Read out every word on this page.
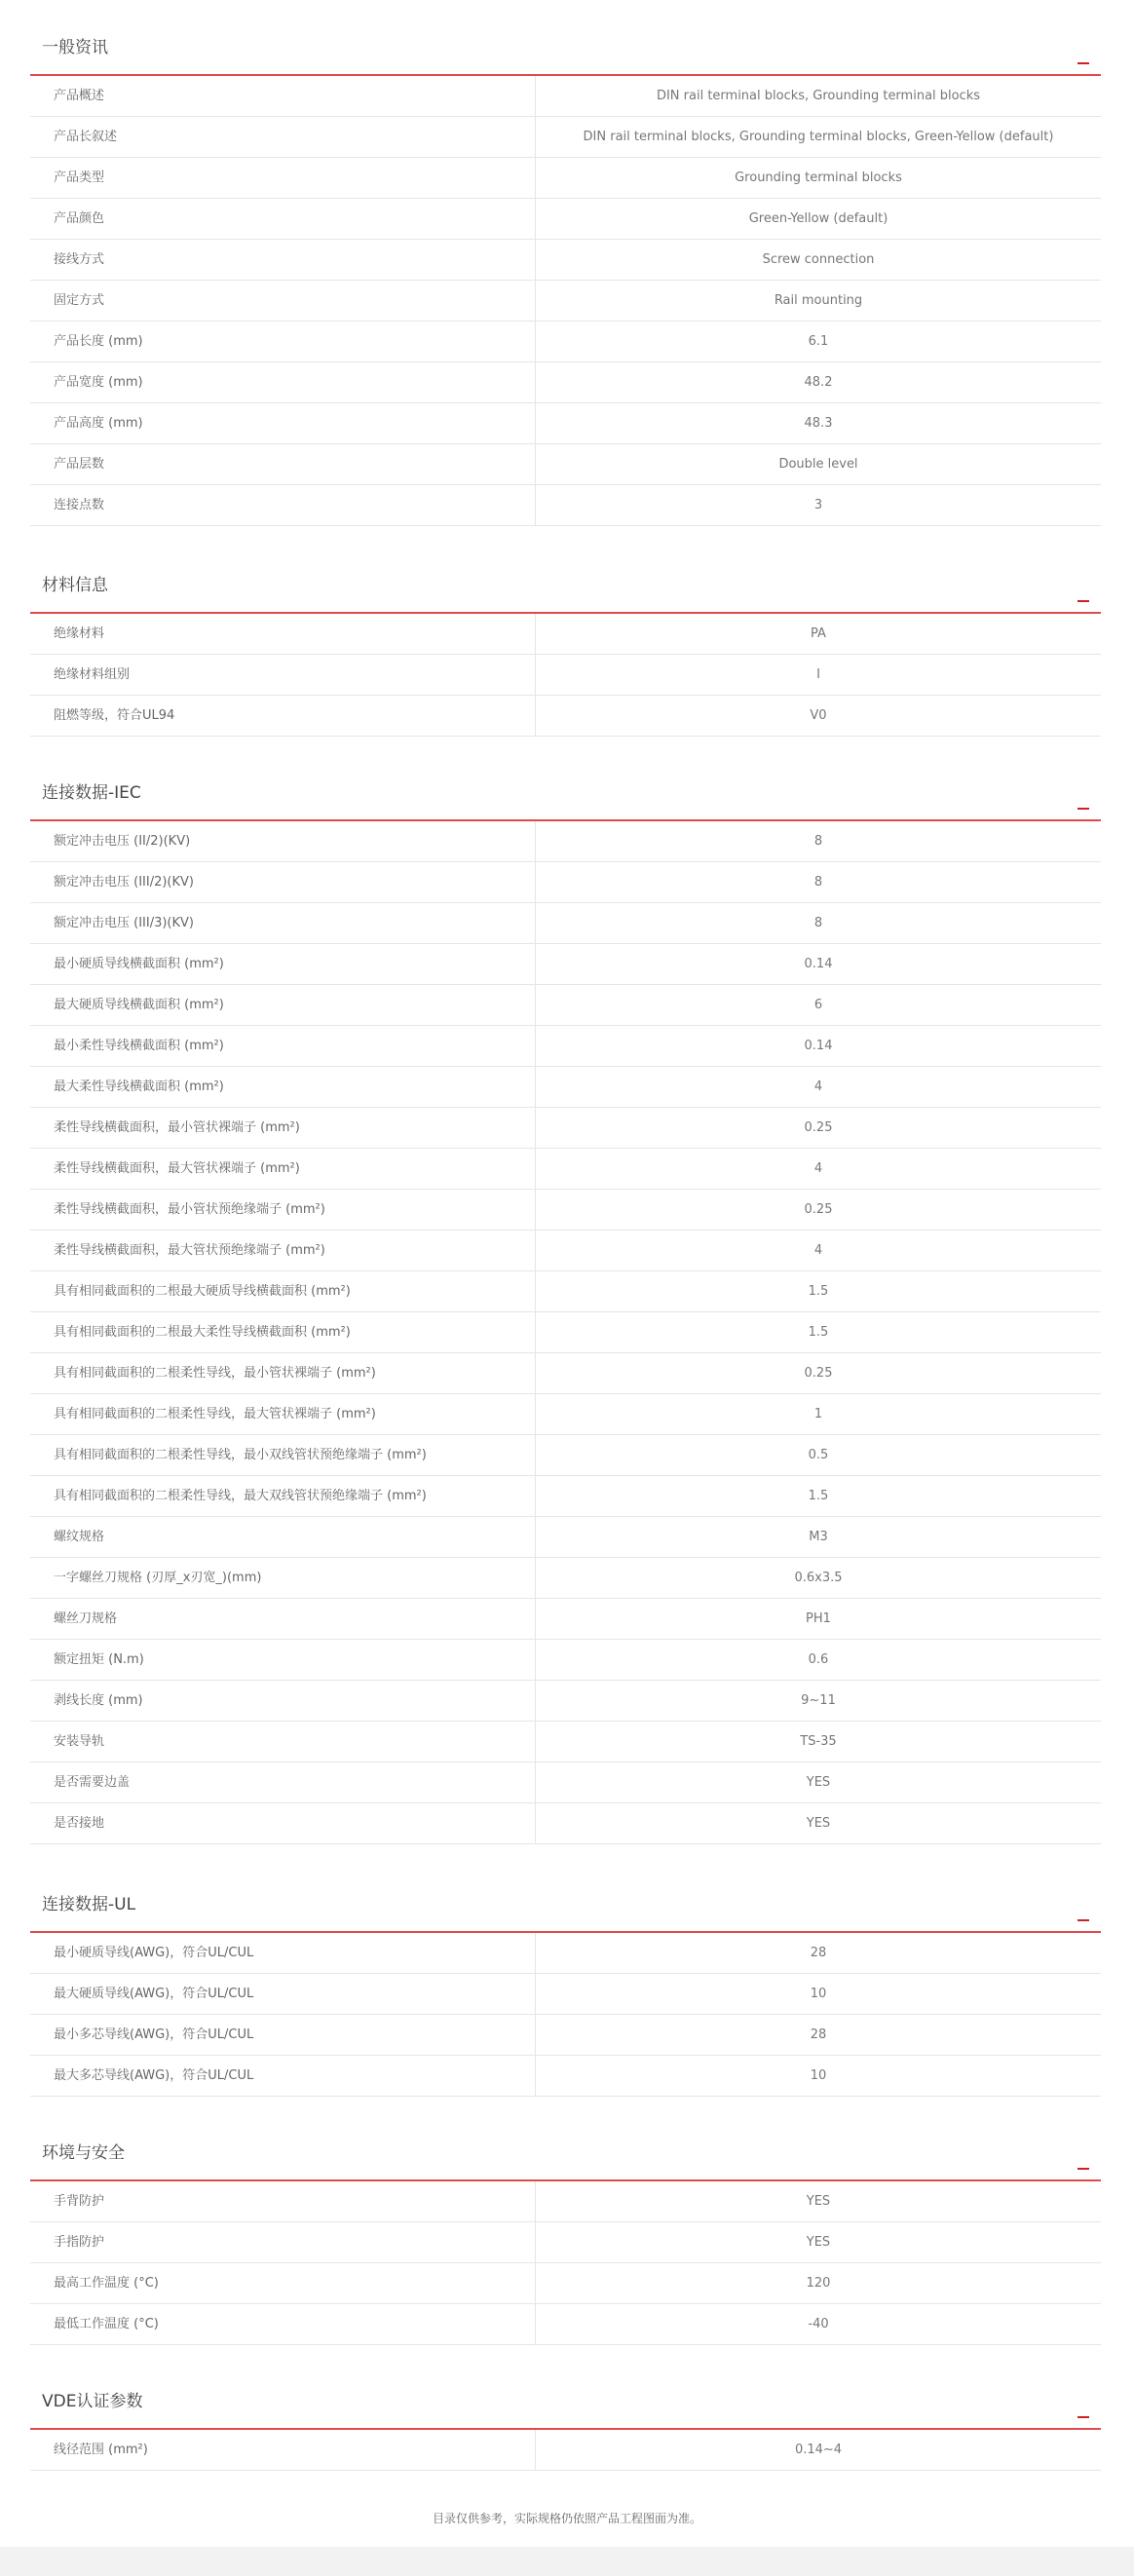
一般资讯
产品概述	DIN rail terminal blocks, Grounding terminal blocks
产品长叙述	DIN rail terminal blocks, Grounding terminal blocks, Green-Yellow (default)
产品类型	Grounding terminal blocks
产品颜色	Green-Yellow (default)
接线方式	Screw connection
固定方式	Rail mounting
产品长度 (mm)	6.1
产品宽度 (mm)	48.2
产品高度 (mm)	48.3
产品层数	Double level
连接点数	3
材料信息
绝缘材料	PA
绝缘材料组别	I
阻燃等级，符合UL94	V0
连接数据-IEC
额定冲击电压 (II/2)(KV)	8
额定冲击电压 (III/2)(KV)	8
额定冲击电压 (III/3)(KV)	8
最小硬质导线横截面积 (mm²)	0.14
最大硬质导线横截面积 (mm²)	6
最小柔性导线横截面积 (mm²)	0.14
最大柔性导线横截面积 (mm²)	4
柔性导线横截面积，最小管状裸端子 (mm²)	0.25
柔性导线横截面积，最大管状裸端子 (mm²)	4
柔性导线横截面积，最小管状预绝缘端子 (mm²)	0.25
柔性导线横截面积，最大管状预绝缘端子 (mm²)	4
具有相同截面积的二根最大硬质导线横截面积 (mm²)	1.5
具有相同截面积的二根最大柔性导线横截面积 (mm²)	1.5
具有相同截面积的二根柔性导线，最小管状裸端子 (mm²)	0.25
具有相同截面积的二根柔性导线，最大管状裸端子 (mm²)	1
具有相同截面积的二根柔性导线，最小双线管状预绝缘端子 (mm²)	0.5
具有相同截面积的二根柔性导线，最大双线管状预绝缘端子 (mm²)	1.5
螺纹规格	M3
一字螺丝刀规格 (刃厚_x刃宽_)(mm)	0.6x3.5
螺丝刀规格	PH1
额定扭矩 (N.m)	0.6
剥线长度 (mm)	9~11
安装导轨	TS-35
是否需要边盖	YES
是否接地	YES
连接数据-UL
最小硬质导线(AWG)，符合UL/CUL	28
最大硬质导线(AWG)，符合UL/CUL	10
最小多芯导线(AWG)，符合UL/CUL	28
最大多芯导线(AWG)，符合UL/CUL	10
环境与安全
手背防护	YES
手指防护	YES
最高工作温度 (°C)	120
最低工作温度 (°C)	-40
VDE认证参数
线径范围 (mm²)	0.14~4
目录仅供参考，实际规格仍依照产品工程图面为准。
